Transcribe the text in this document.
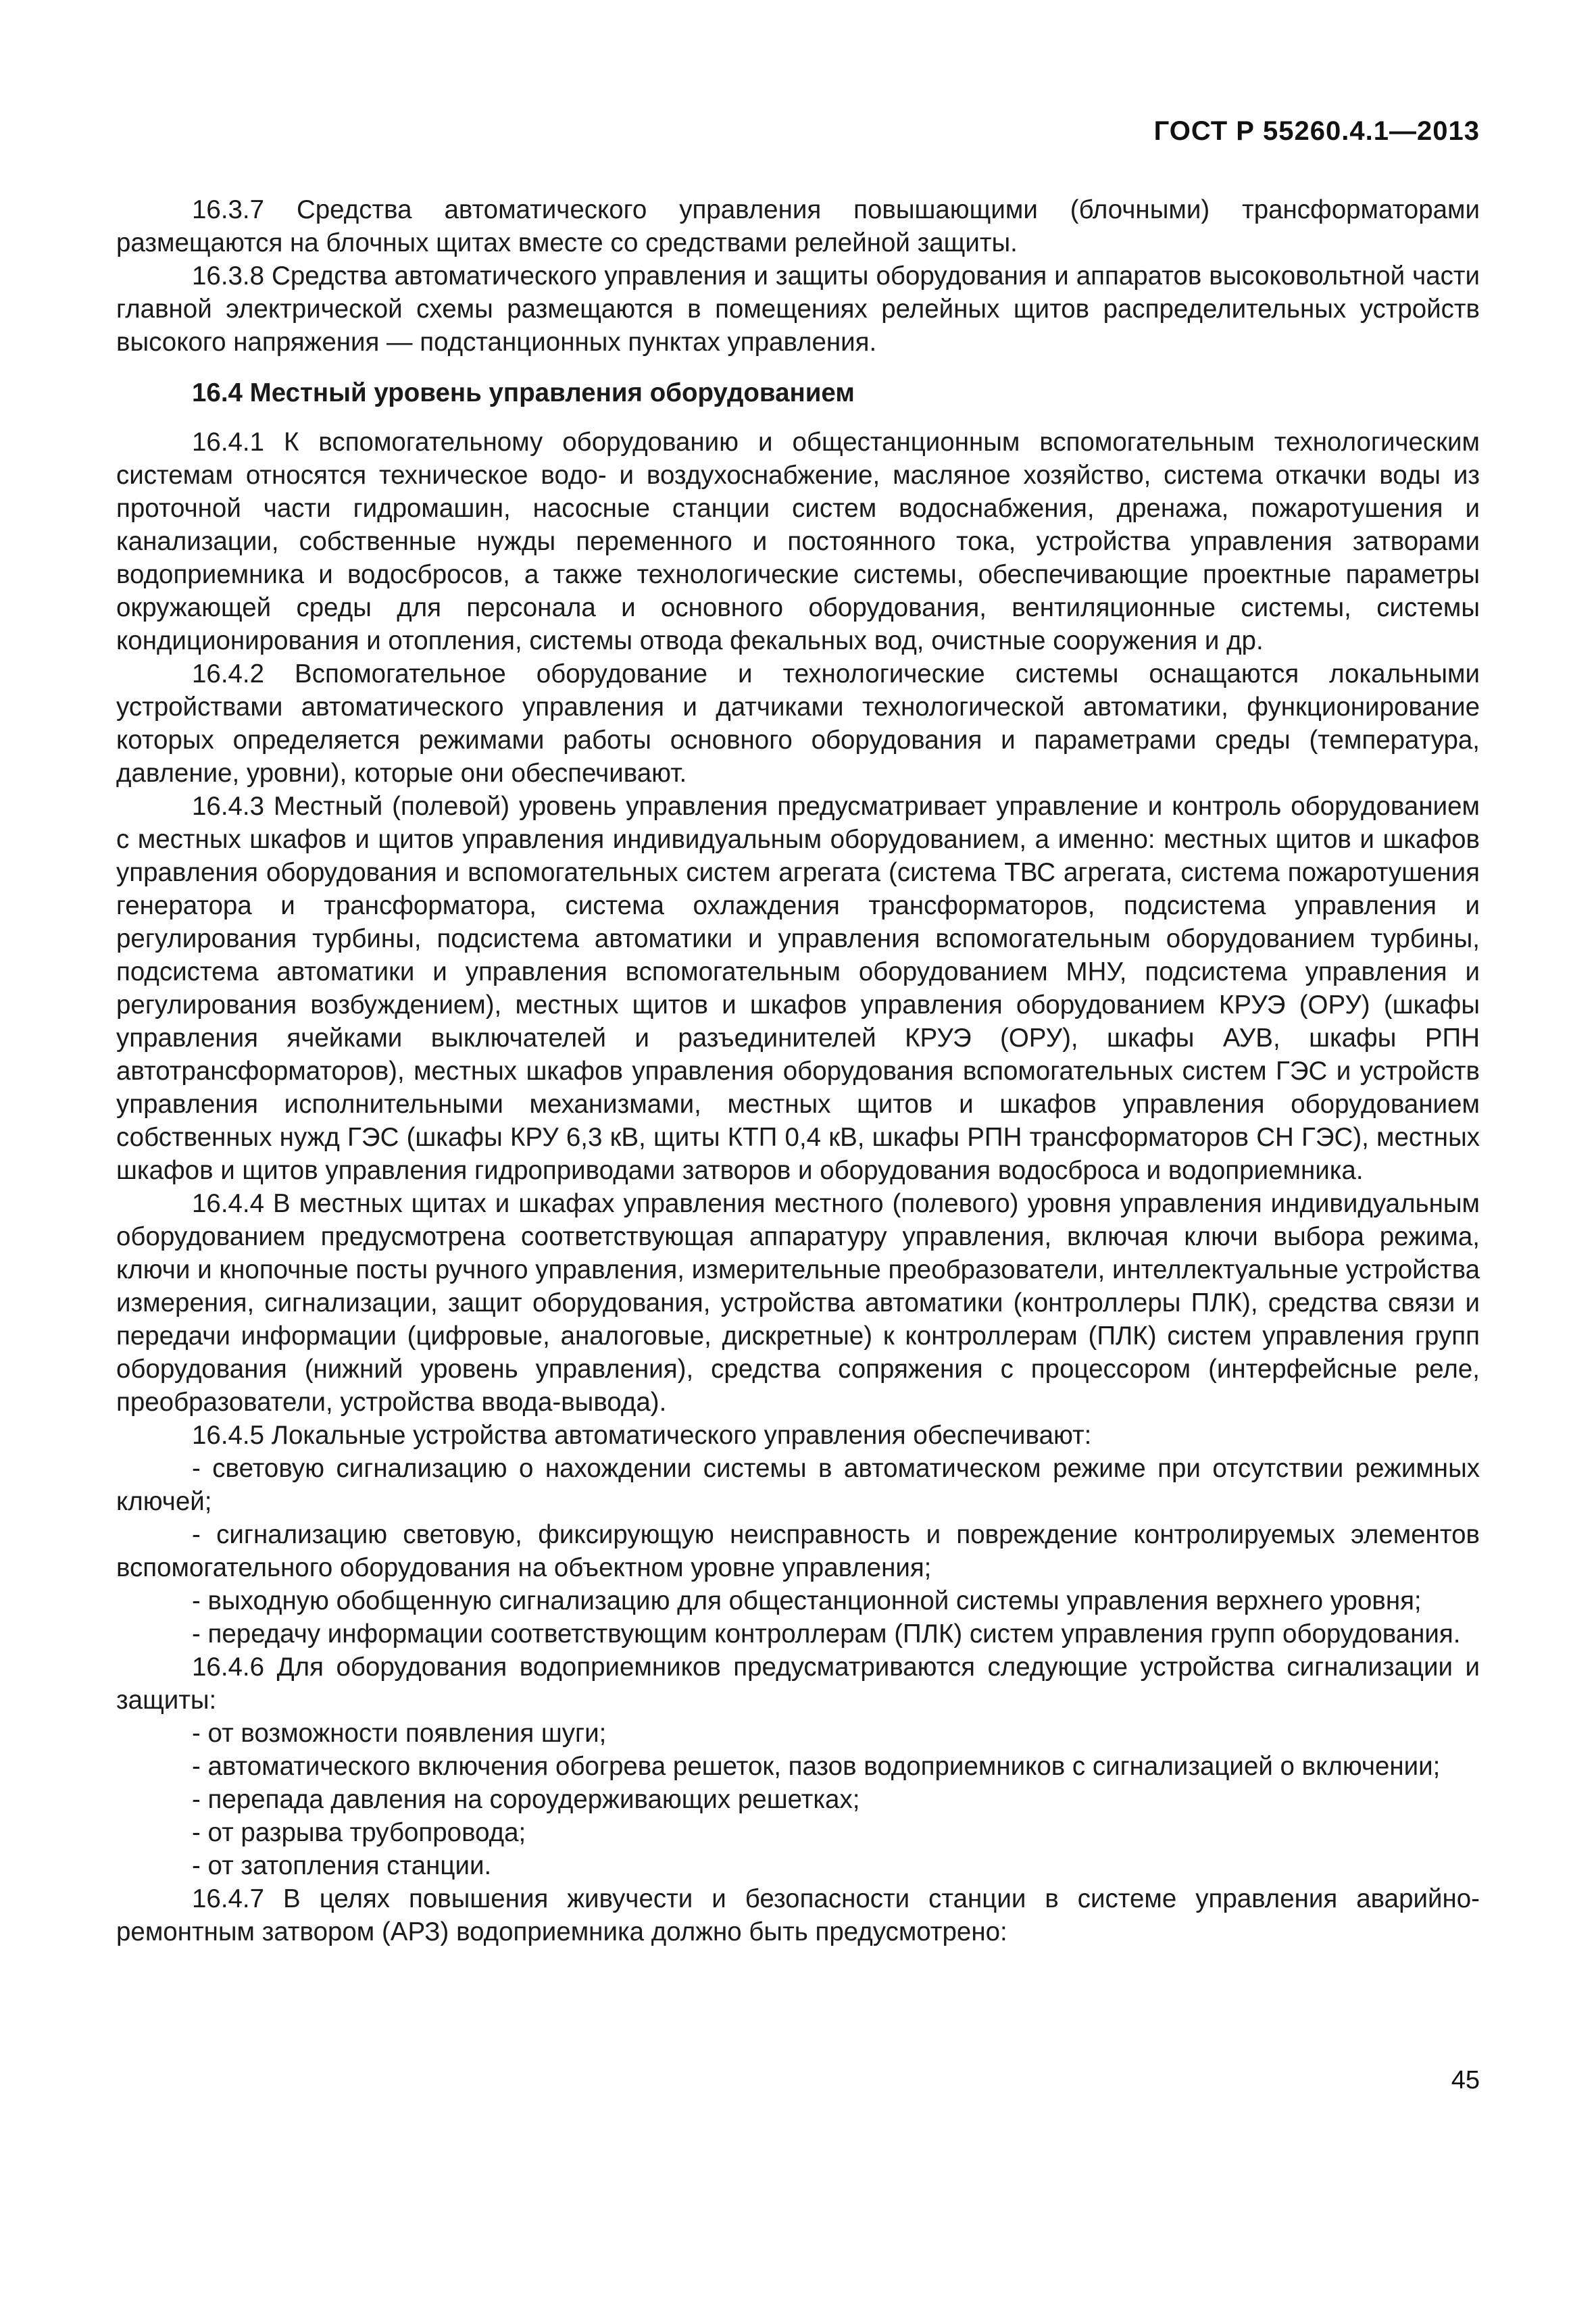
ГОСТ Р 55260.4.1—2013

16.3.7 Средства автоматического управления повышающими (блочными) трансформаторами размещаются на блочных щитах вместе со средствами релейной защиты.

16.3.8 Средства автоматического управления и защиты оборудования и аппаратов высоковольтной части главной электрической схемы размещаются в помещениях релейных щитов распределительных устройств высокого напряжения — подстанционных пунктах управления.

16.4 Местный уровень управления оборудованием

16.4.1 К вспомогательному оборудованию и общестанционным вспомогательным технологическим системам относятся техническое водо- и воздухоснабжение, масляное хозяйство, система откачки воды из проточной части гидромашин, насосные станции систем водоснабжения, дренажа, пожаротушения и канализации, собственные нужды переменного и постоянного тока, устройства управления затворами водоприемника и водосбросов, а также технологические системы, обеспечивающие проектные параметры окружающей среды для персонала и основного оборудования, вентиляционные системы, системы кондиционирования и отопления, системы отвода фекальных вод, очистные сооружения и др.

16.4.2 Вспомогательное оборудование и технологические системы оснащаются локальными устройствами автоматического управления и датчиками технологической автоматики, функционирование которых определяется режимами работы основного оборудования и параметрами среды (температура, давление, уровни), которые они обеспечивают.

16.4.3 Местный (полевой) уровень управления предусматривает управление и контроль оборудованием с местных шкафов и щитов управления индивидуальным оборудованием, а именно: местных щитов и шкафов управления оборудования и вспомогательных систем агрегата (система ТВС агрегата, система пожаротушения генератора и трансформатора, система охлаждения трансформаторов, подсистема управления и регулирования турбины, подсистема автоматики и управления вспомогательным оборудованием турбины, подсистема автоматики и управления вспомогательным оборудованием МНУ, подсистема управления и регулирования возбуждением), местных щитов и шкафов управления оборудованием КРУЭ (ОРУ) (шкафы управления ячейками выключателей и разъединителей КРУЭ (ОРУ), шкафы АУВ, шкафы РПН автотрансформаторов), местных шкафов управления оборудования вспомогательных систем ГЭС и устройств управления исполнительными механизмами, местных щитов и шкафов управления оборудованием собственных нужд ГЭС (шкафы КРУ 6,3 кВ, щиты КТП 0,4 кВ, шкафы РПН трансформаторов СН ГЭС), местных шкафов и щитов управления гидроприводами затворов и оборудования водосброса и водоприемника.

16.4.4 В местных щитах и шкафах управления местного (полевого) уровня управления индивидуальным оборудованием предусмотрена соответствующая аппаратуру управления, включая ключи выбора режима, ключи и кнопочные посты ручного управления, измерительные преобразователи, интеллектуальные устройства измерения, сигнализации, защит оборудования, устройства автоматики (контроллеры ПЛК), средства связи и передачи информации (цифровые, аналоговые, дискретные) к контроллерам (ПЛК) систем управления групп оборудования (нижний уровень управления), средства сопряжения с процессором (интерфейсные реле, преобразователи, устройства ввода-вывода).

16.4.5 Локальные устройства автоматического управления обеспечивают:

- световую сигнализацию о нахождении системы в автоматическом режиме при отсутствии режимных ключей;

- сигнализацию световую, фиксирующую неисправность и повреждение контролируемых элементов вспомогательного оборудования на объектном уровне управления;

- выходную обобщенную сигнализацию для общестанционной системы управления верхнего уровня;

- передачу информации соответствующим контроллерам (ПЛК) систем управления групп оборудования.

16.4.6 Для оборудования водоприемников предусматриваются следующие устройства сигнализации и защиты:

- от возможности появления шуги;

- автоматического включения обогрева решеток, пазов водоприемников с сигнализацией о включении;

- перепада давления на сороудерживающих решетках;

- от разрыва трубопровода;

- от затопления станции.

16.4.7 В целях повышения живучести и безопасности станции в системе управления аварийно-ремонтным затвором (АРЗ) водоприемника должно быть предусмотрено:

45
